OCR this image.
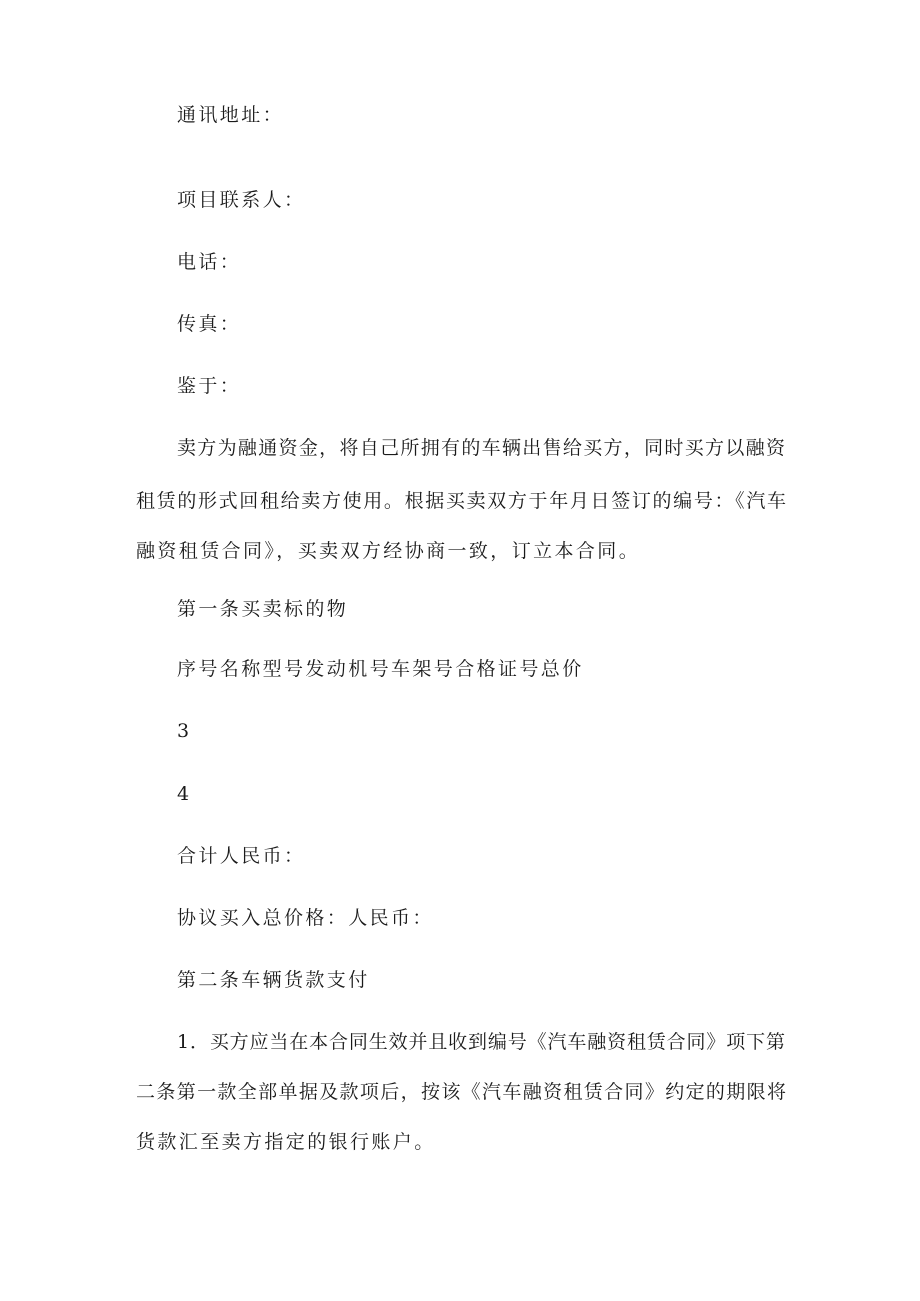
通讯地址：
项目联系人：
电话：
传真：
鉴于：
卖方为融通资金，将自己所拥有的车辆出售给买方，同时买方以融资
租赁的形式回租给卖方使用。根据买卖双方于年月日签订的编号：《汽车
融资租赁合同》，买卖双方经协商一致，订立本合同。
第一条买卖标的物
序号名称型号发动机号车架号合格证号总价
3
4
合计人民币：
协议买入总价格：人民币：
第二条车辆货款支付
1．买方应当在本合同生效并且收到编号《汽车融资租赁合同》项下第
二条第一款全部单据及款项后，按该《汽车融资租赁合同》约定的期限将
货款汇至卖方指定的银行账户。
